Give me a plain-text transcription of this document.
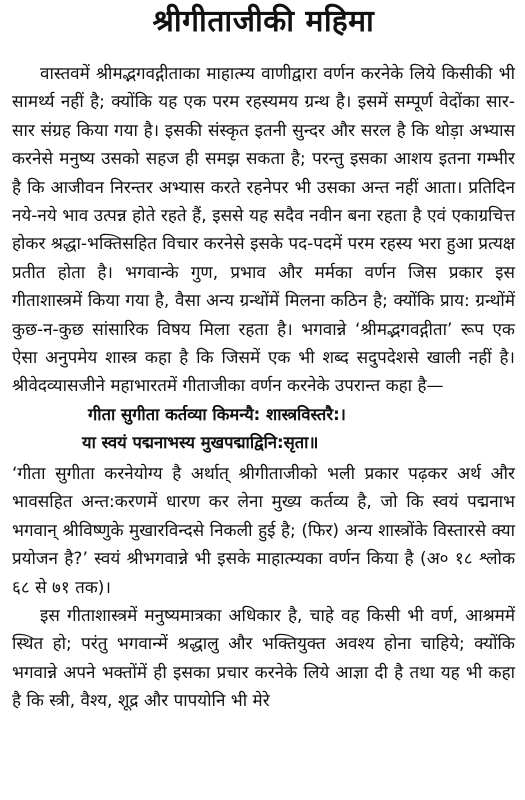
श्रीगीताजीकी महिमा

वास्तवमें श्रीमद्भगवद्गीताका माहात्म्य वाणीद्वारा वर्णन करनेके लिये किसीकी भी सामर्थ्य नहीं है; क्योंकि यह एक परम रहस्यमय ग्रन्थ है। इसमें सम्पूर्ण वेदोंका सार-सार संग्रह किया गया है। इसकी संस्कृत इतनी सुन्दर और सरल है कि थोड़ा अभ्यास करनेसे मनुष्य उसको सहज ही समझ सकता है; परन्तु इसका आशय इतना गम्भीर है कि आजीवन निरन्तर अभ्यास करते रहनेपर भी उसका अन्त नहीं आता। प्रतिदिन नये-नये भाव उत्पन्न होते रहते हैं, इससे यह सदैव नवीन बना रहता है एवं एकाग्रचित्त होकर श्रद्धा-भक्तिसहित विचार करनेसे इसके पद-पदमें परम रहस्य भरा हुआ प्रत्यक्ष प्रतीत होता है। भगवान्के गुण, प्रभाव और मर्मका वर्णन जिस प्रकार इस गीताशास्त्रमें किया गया है, वैसा अन्य ग्रन्थोंमें मिलना कठिन है; क्योंकि प्राय: ग्रन्थोंमें कुछ-न-कुछ सांसारिक विषय मिला रहता है। भगवान्ने ‘श्रीमद्भगवद्गीता’ रूप एक ऐसा अनुपमेय शास्त्र कहा है कि जिसमें एक भी शब्द सदुपदेशसे खाली नहीं है। श्रीवेदव्यासजीने महाभारतमें गीताजीका वर्णन करनेके उपरान्त कहा है—

गीता सुगीता कर्तव्या किमन्यै: शास्त्रविस्तरै:।
या स्वयं पद्मनाभस्य मुखपद्माद्विनि:सृता॥

‘गीता सुगीता करनेयोग्य है अर्थात् श्रीगीताजीको भली प्रकार पढ़कर अर्थ और भावसहित अन्त:करणमें धारण कर लेना मुख्य कर्तव्य है, जो कि स्वयं पद्मनाभ भगवान् श्रीविष्णुके मुखारविन्दसे निकली हुई है; (फिर) अन्य शास्त्रोंके विस्तारसे क्या प्रयोजन है?’ स्वयं श्रीभगवान्ने भी इसके माहात्म्यका वर्णन किया है (अ० १८ श्लोक ६८ से ७१ तक)।

इस गीताशास्त्रमें मनुष्यमात्रका अधिकार है, चाहे वह किसी भी वर्ण, आश्रममें स्थित हो; परंतु भगवान्में श्रद्धालु और भक्तियुक्त अवश्य होना चाहिये; क्योंकि भगवान्ने अपने भक्तोंमें ही इसका प्रचार करनेके लिये आज्ञा दी है तथा यह भी कहा है कि स्त्री, वैश्य, शूद्र और पापयोनि भी मेरे
